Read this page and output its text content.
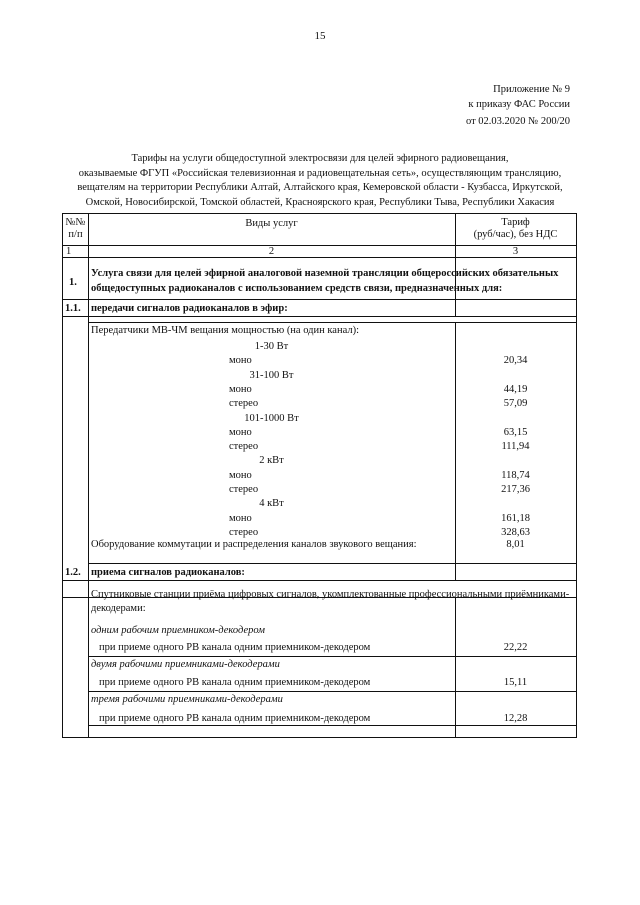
15
Приложение № 9
к приказу ФАС России
от 02.03.2020 № 200/20
Тарифы на услуги общедоступной электросвязи для целей эфирного радиовещания,
оказываемые ФГУП «Российская телевизионная и радиовещательная сеть», осуществляющим трансляцию,
вещателям на территории Республики Алтай, Алтайского края, Кемеровской области - Кузбасса, Иркутской,
Омской, Новосибирской, Томской областей, Красноярского края, Республики Тыва, Республики Хакасия
№№
п/п
Виды услуг	Тариф
(руб/час), без НДС
1	2	3
1.
Услуга связи для целей эфирной аналоговой наземной трансляции общероссийских обязательных
общедоступных радиоканалов с использованием средств связи, предназначенных для:
1.1. передачи сигналов радиоканалов в эфир:
Передатчики МВ-ЧМ вещания мощностью (на один канал):
1-30 Вт
моно	20,34
31-100 Вт
моно	44,19
стерео	57,09
101-1000 Вт
моно	63,15
стерео	111,94
2 кВт
моно	118,74
стерео	217,36
4 кВт
моно	161,18
стерео	328,63
Оборудование коммутации и распределения каналов звукового вещания:	8,01
1.2. приема сигналов радиоканалов:
Спутниковые станции приёма цифровых сигналов, укомплектованные профессиональными приёмниками-
декодерами:
одним рабочим приемником-декодером
при приеме одного РВ канала одним приемником-декодером	22,22
двумя рабочими приемниками-декодерами
при приеме одного РВ канала одним приемником-декодером	15,11
тремя рабочими приемниками-декодерами
при приеме одного РВ канала одним приемником-декодером	12,28
